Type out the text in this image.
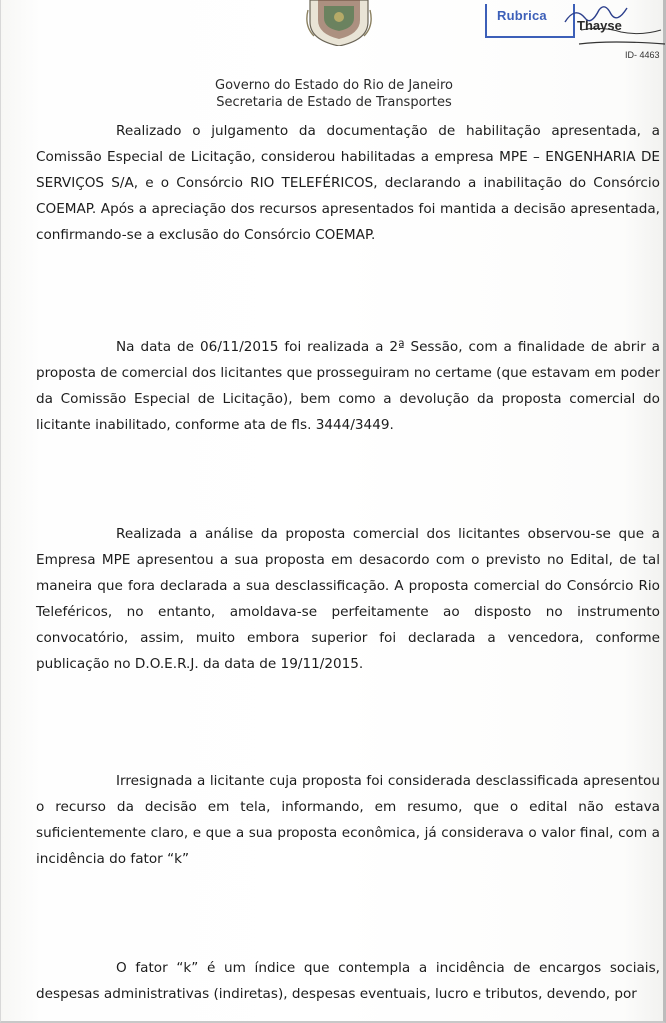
Rubrica
Thayse
ID- 4463
Governo do Estado do Rio de Janeiro
Secretaria de Estado de Transportes

Realizado o julgamento da documentação de habilitação apresentada, a Comissão Especial de Licitação, considerou habilitadas a empresa MPE – ENGENHARIA DE SERVIÇOS S/A, e o Consórcio RIO TELEFÉRICOS, declarando a inabilitação do Consórcio COEMAP. Após a apreciação dos recursos apresentados foi mantida a decisão apresentada, confirmando-se a exclusão do Consórcio COEMAP.

Na data de 06/11/2015 foi realizada a 2ª Sessão, com a finalidade de abrir a proposta de comercial dos licitantes que prosseguiram no certame (que estavam em poder da Comissão Especial de Licitação), bem como a devolução da proposta comercial do licitante inabilitado, conforme ata de fls. 3444/3449.

Realizada a análise da proposta comercial dos licitantes observou-se que a Empresa MPE apresentou a sua proposta em desacordo com o previsto no Edital, de tal maneira que fora declarada a sua desclassificação. A proposta comercial do Consórcio Rio Teleféricos, no entanto, amoldava-se perfeitamente ao disposto no instrumento convocatório, assim, muito embora superior foi declarada a vencedora, conforme publicação no D.O.E.R.J. da data de 19/11/2015.

Irresignada a licitante cuja proposta foi considerada desclassificada apresentou o recurso da decisão em tela, informando, em resumo, que o edital não estava suficientemente claro, e que a sua proposta econômica, já considerava o valor final, com a incidência do fator “k”

O fator “k” é um índice que contempla a incidência de encargos sociais, despesas administrativas (indiretas), despesas eventuais, lucro e tributos, devendo, por
